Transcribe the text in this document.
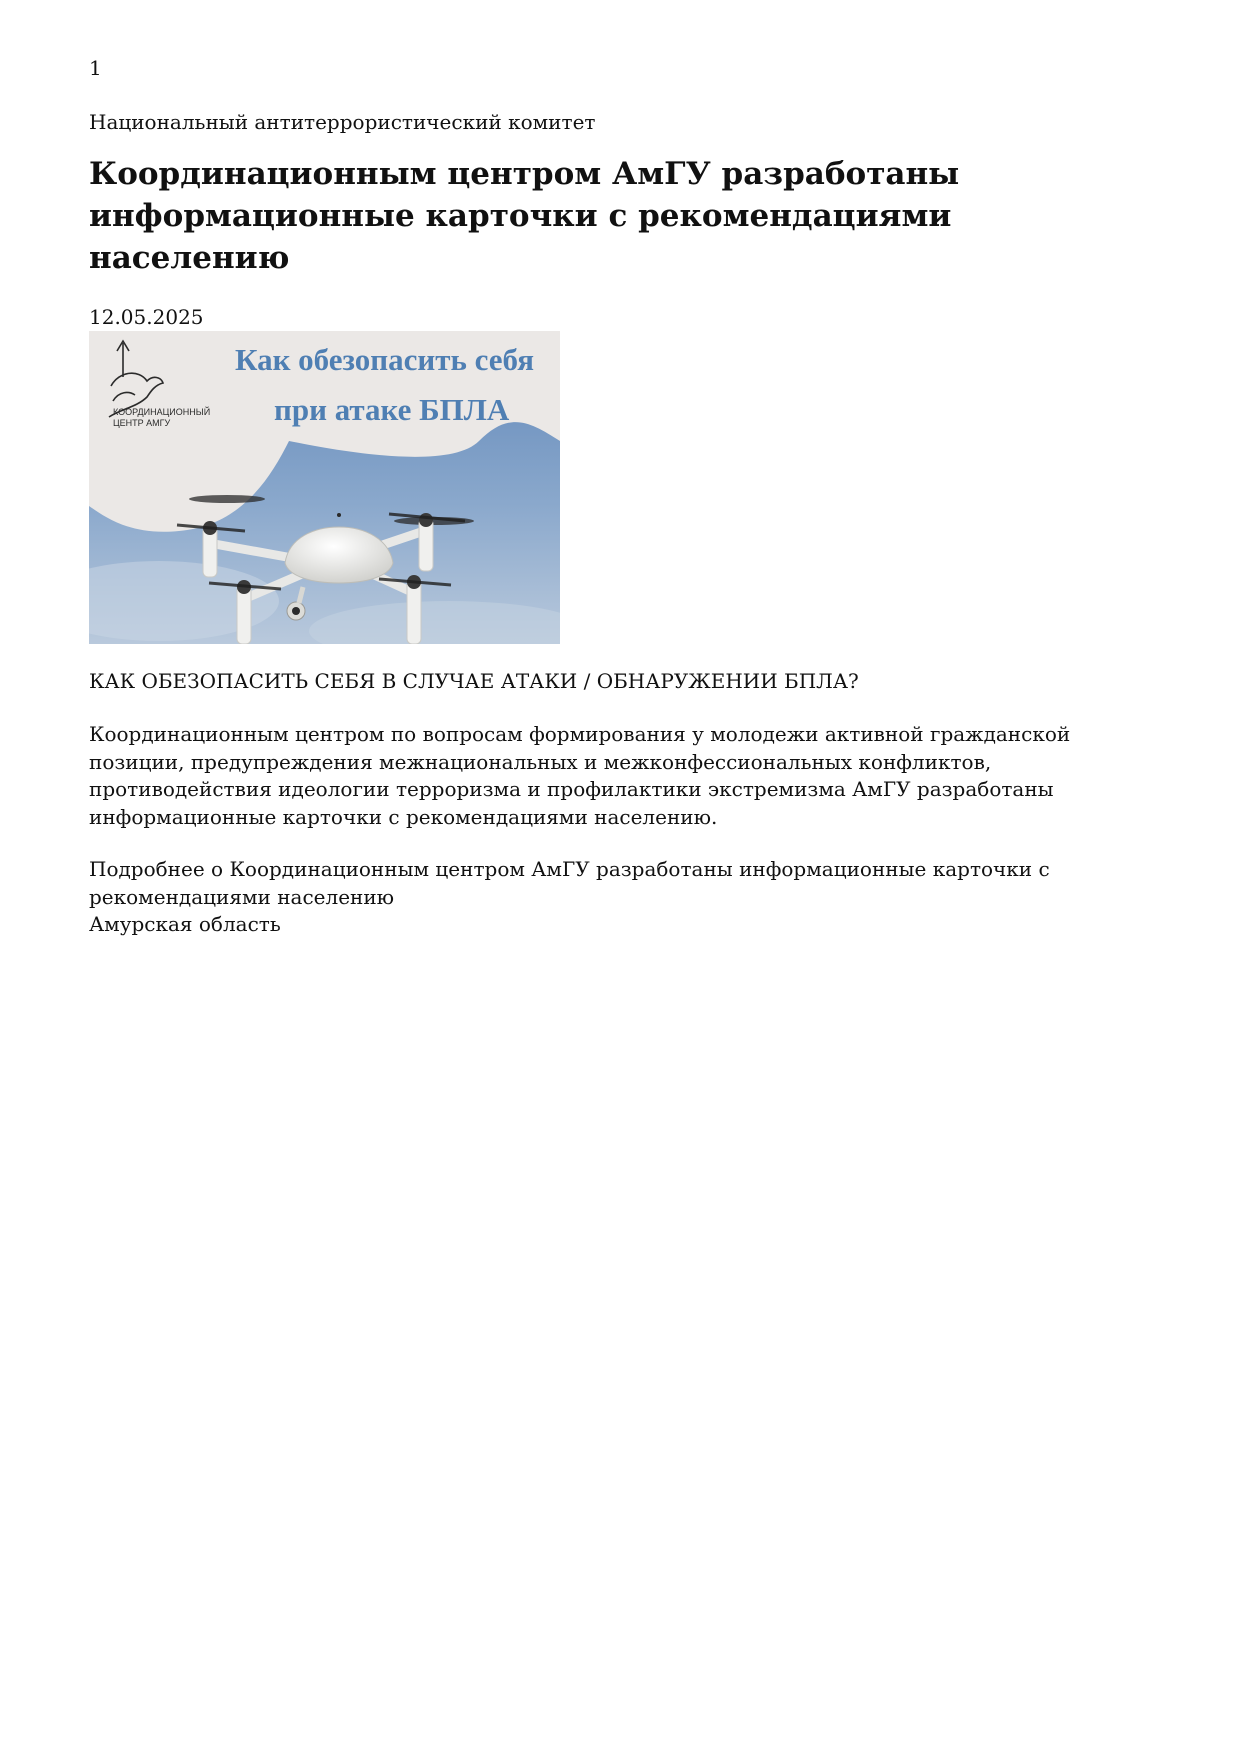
1
Национальный антитеррористический комитет
Координационным центром АмГУ разработаны информационные карточки с рекомендациями населению
12.05.2025
КООРДИНАЦИОННЫЙ
ЦЕНТР АМГУ
Как обезопасить себя
при атаке БПЛА
КАК ОБЕЗОПАСИТЬ СЕБЯ В СЛУЧАЕ АТАКИ / ОБНАРУЖЕНИИ БПЛА?

Координационным центром по вопросам формирования у молодежи активной гражданской позиции, предупреждения межнациональных и межконфессиональных конфликтов, противодействия идеологии терроризма и профилактики экстремизма АмГУ разработаны информационные карточки с рекомендациями населению.

Подробнее о Координационным центром АмГУ разработаны информационные карточки с рекомендациями населению

Амурская область
